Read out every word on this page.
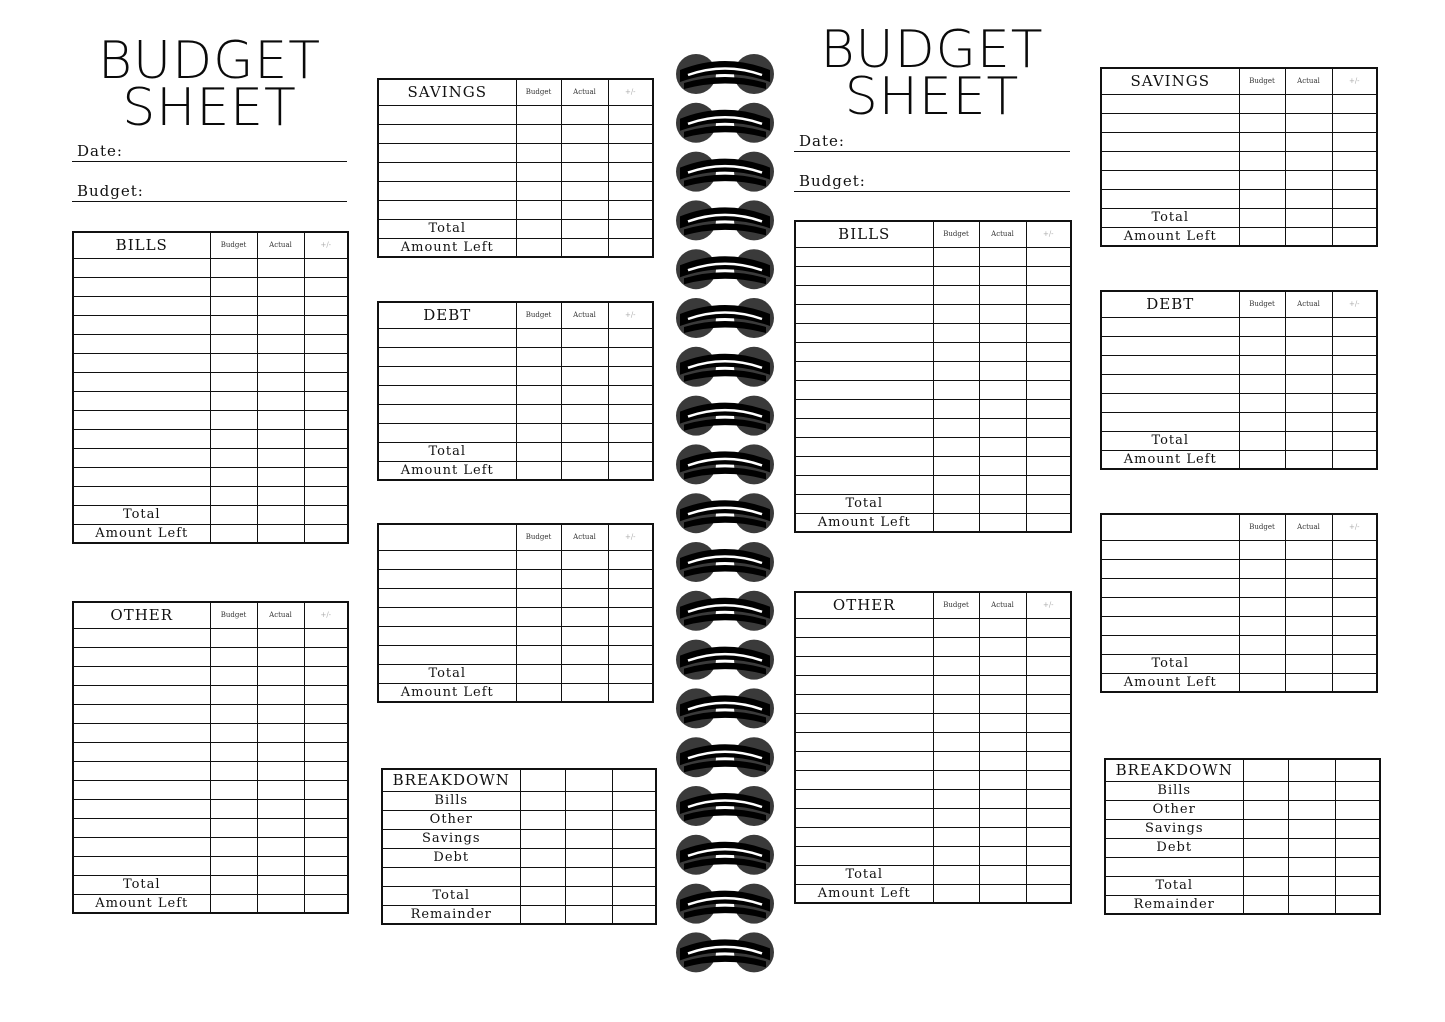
BUDGET
SHEET
Date:
Budget:
BILLS	Budget	Actual	+/-

Total			
Amount Left			
OTHER	Budget	Actual	+/-

Total			
Amount Left			
SAVINGS	Budget	Actual	+/-

Total			
Amount Left			
DEBT	Budget	Actual	+/-

Total			
Amount Left			
	Budget	Actual	+/-

Total			
Amount Left			
BREAKDOWN			
Bills			
Other			
Savings			
Debt			

Total			
Remainder			
BUDGET
SHEET
Date:
Budget:
BILLS	Budget	Actual	+/-

Total			
Amount Left			
OTHER	Budget	Actual	+/-

Total			
Amount Left			
SAVINGS	Budget	Actual	+/-

Total			
Amount Left			
DEBT	Budget	Actual	+/-

Total			
Amount Left			
	Budget	Actual	+/-

Total			
Amount Left			
BREAKDOWN			
Bills			
Other			
Savings			
Debt			

Total			
Remainder			
